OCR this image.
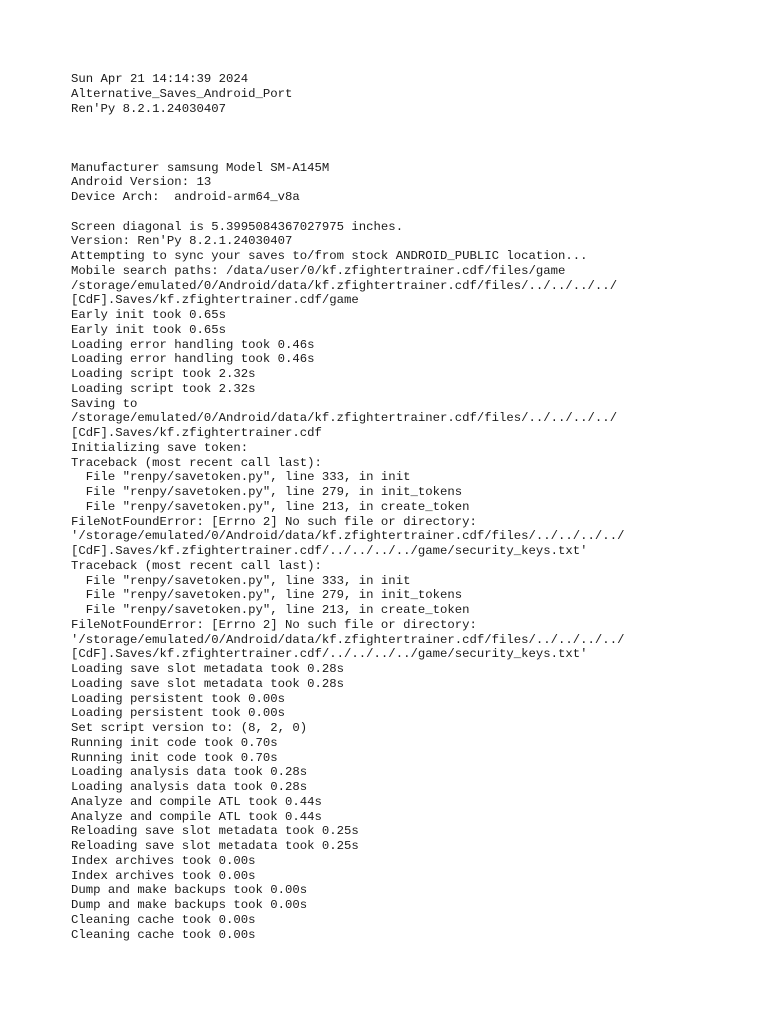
Sun Apr 21 14:14:39 2024
Alternative_Saves_Android_Port
Ren'Py 8.2.1.24030407
Manufacturer samsung Model SM-A145M
Android Version: 13
Device Arch:  android-arm64_v8a
Screen diagonal is 5.3995084367027975 inches.
Version: Ren'Py 8.2.1.24030407
Attempting to sync your saves to/from stock ANDROID_PUBLIC location...
Mobile search paths: /data/user/0/kf.zfightertrainer.cdf/files/game
/storage/emulated/0/Android/data/kf.zfightertrainer.cdf/files/../../../../
[CdF].Saves/kf.zfightertrainer.cdf/game
Early init took 0.65s
Early init took 0.65s
Loading error handling took 0.46s
Loading error handling took 0.46s
Loading script took 2.32s
Loading script took 2.32s
Saving to
/storage/emulated/0/Android/data/kf.zfightertrainer.cdf/files/../../../../
[CdF].Saves/kf.zfightertrainer.cdf
Initializing save token:
Traceback (most recent call last):
File "renpy/savetoken.py", line 333, in init
File "renpy/savetoken.py", line 279, in init_tokens
File "renpy/savetoken.py", line 213, in create_token
FileNotFoundError: [Errno 2] No such file or directory:
'/storage/emulated/0/Android/data/kf.zfightertrainer.cdf/files/../../../../
[CdF].Saves/kf.zfightertrainer.cdf/../../../../game/security_keys.txt'
Traceback (most recent call last):
File "renpy/savetoken.py", line 333, in init
File "renpy/savetoken.py", line 279, in init_tokens
File "renpy/savetoken.py", line 213, in create_token
FileNotFoundError: [Errno 2] No such file or directory:
'/storage/emulated/0/Android/data/kf.zfightertrainer.cdf/files/../../../../
[CdF].Saves/kf.zfightertrainer.cdf/../../../../game/security_keys.txt'
Loading save slot metadata took 0.28s
Loading save slot metadata took 0.28s
Loading persistent took 0.00s
Loading persistent took 0.00s
Set script version to: (8, 2, 0)
Running init code took 0.70s
Running init code took 0.70s
Loading analysis data took 0.28s
Loading analysis data took 0.28s
Analyze and compile ATL took 0.44s
Analyze and compile ATL took 0.44s
Reloading save slot metadata took 0.25s
Reloading save slot metadata took 0.25s
Index archives took 0.00s
Index archives took 0.00s
Dump and make backups took 0.00s
Dump and make backups took 0.00s
Cleaning cache took 0.00s
Cleaning cache took 0.00s
